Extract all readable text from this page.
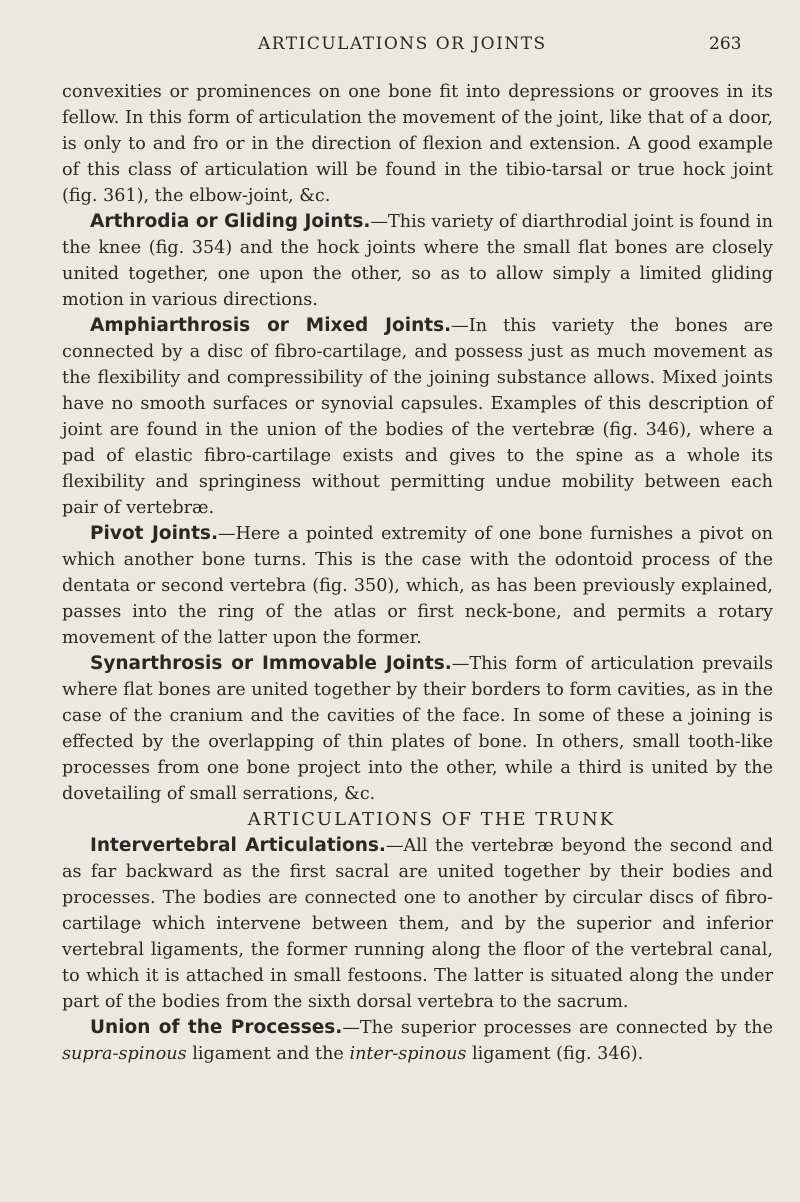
ARTICULATIONS OR JOINTS	263

convexities or prominences on one bone fit into depressions or grooves in its fellow. In this form of articulation the movement of the joint, like that of a door, is only to and fro or in the direction of flexion and extension. A good example of this class of articulation will be found in the tibio-tarsal or true hock joint (fig. 361), the elbow-joint, &c.

Arthrodia or Gliding Joints.—This variety of diarthrodial joint is found in the knee (fig. 354) and the hock joints where the small flat bones are closely united together, one upon the other, so as to allow simply a limited gliding motion in various directions.

Amphiarthrosis or Mixed Joints.—In this variety the bones are connected by a disc of fibro-cartilage, and possess just as much movement as the flexibility and compressibility of the joining substance allows. Mixed joints have no smooth surfaces or synovial capsules. Examples of this description of joint are found in the union of the bodies of the vertebræ (fig. 346), where a pad of elastic fibro-cartilage exists and gives to the spine as a whole its flexibility and springiness without permitting undue mobility between each pair of vertebræ.

Pivot Joints.—Here a pointed extremity of one bone furnishes a pivot on which another bone turns. This is the case with the odontoid process of the dentata or second vertebra (fig. 350), which, as has been previously explained, passes into the ring of the atlas or first neck-bone, and permits a rotary movement of the latter upon the former.

Synarthrosis or Immovable Joints.—This form of articulation prevails where flat bones are united together by their borders to form cavities, as in the case of the cranium and the cavities of the face. In some of these a joining is effected by the overlapping of thin plates of bone. In others, small tooth-like processes from one bone project into the other, while a third is united by the dovetailing of small serrations, &c.

ARTICULATIONS OF THE TRUNK

Intervertebral Articulations.—All the vertebræ beyond the second and as far backward as the first sacral are united together by their bodies and processes. The bodies are connected one to another by circular discs of fibro-cartilage which intervene between them, and by the superior and inferior vertebral ligaments, the former running along the floor of the vertebral canal, to which it is attached in small festoons. The latter is situated along the under part of the bodies from the sixth dorsal vertebra to the sacrum.

Union of the Processes.—The superior processes are connected by the supra-spinous ligament and the inter-spinous ligament (fig. 346).
